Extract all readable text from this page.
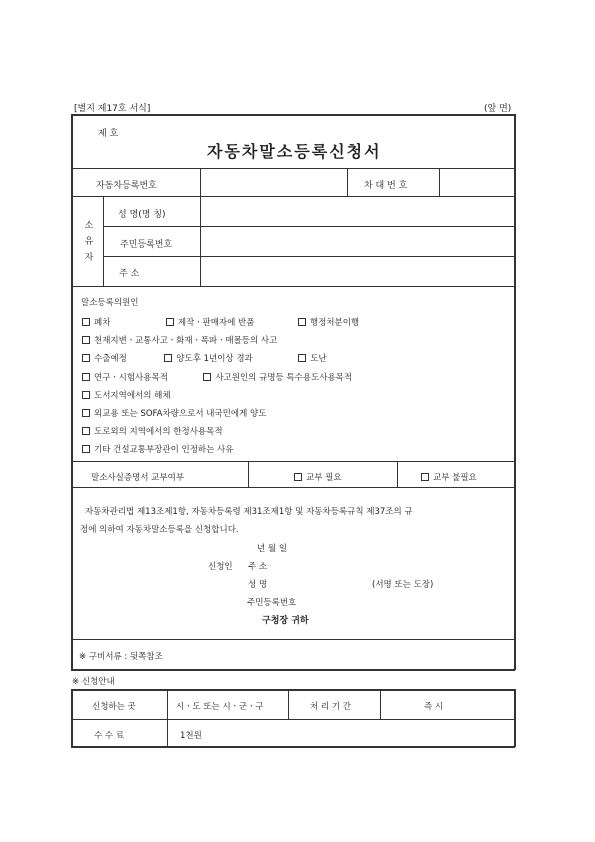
[별지 제17호 서식]	(앞 면)
제 호
자동차말소등록신청서
자동차등록번호	차 대 번 호
소
유
자
성 명(명 칭)
주민등록번호
주 소
말소등록의원인
폐차	제작ㆍ판매자에 반품	행정처분이행
천재지변ㆍ교통사고ㆍ화재ㆍ폭파ㆍ매몰등의 사고
수출예정	양도후 1년이상 경과	도난
연구ㆍ시험사용목적	사고원인의 규명등 특수용도사용목적
도서지역에서의 해체
외교용 또는 SOFA차량으로서 내국민에게 양도
도로외의 지역에서의 한정사용목적
기타 건설교통부장관이 인정하는 사유
말소사실증명서 교부여부	교부 필요	교부 불필요
자동차관리법 제13조제1항, 자동차등록령 제31조제1항 및 자동차등록규칙 제37조의 규
정에 의하여 자동차말소등록을 신청합니다.
년 월 일
신청인 주 소
성 명	(서명 또는 도장)
주민등록번호
구청장 귀하
※ 구비서류 : 뒷쪽참조
※ 신청안내
신청하는 곳	시ㆍ도 또는 시ㆍ군ㆍ구	처 리 기 간	즉 시
수 수 료	1천원
